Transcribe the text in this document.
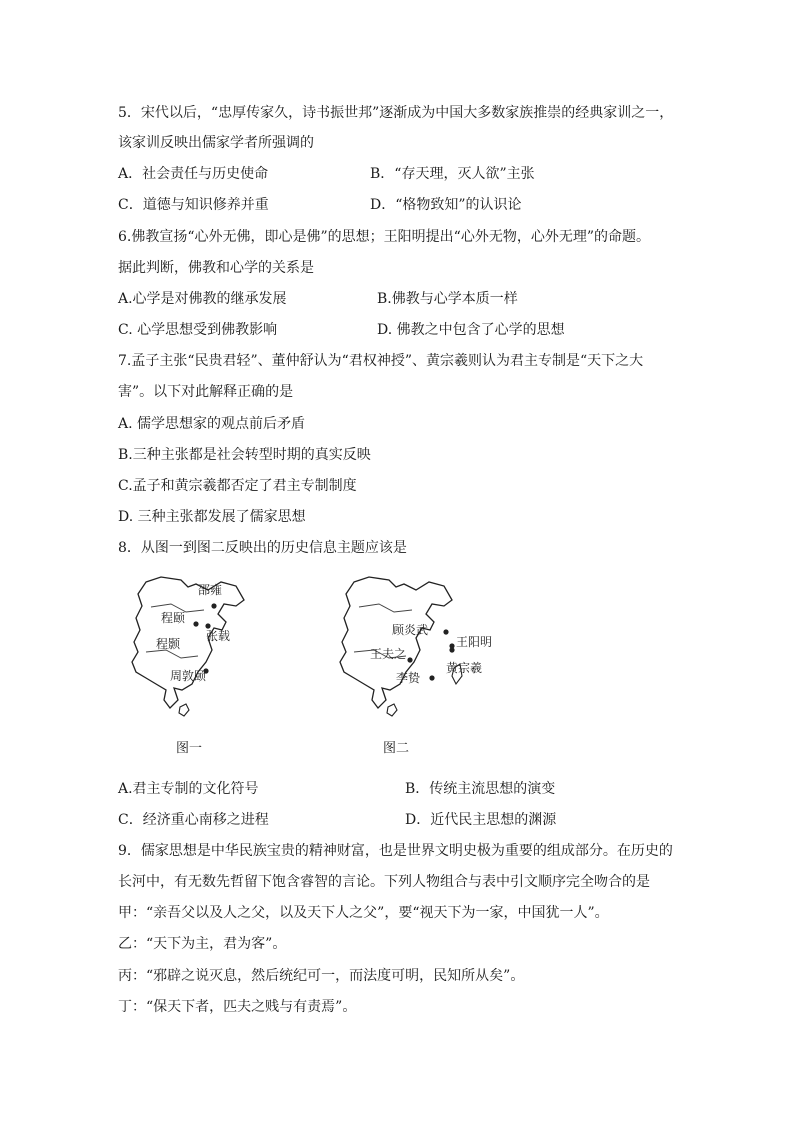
5．宋代以后，“忠厚传家久，诗书振世邦”逐渐成为中国大多数家族推崇的经典家训之一，
该家训反映出儒家学者所强调的
A．社会责任与历史使命	B．“存天理，灭人欲”主张
C．道德与知识修养并重	D．“格物致知”的认识论
6.佛教宣扬“心外无佛，即心是佛”的思想；王阳明提出“心外无物，心外无理”的命题。
据此判断，佛教和心学的关系是
A.心学是对佛教的继承发展	B.佛教与心学本质一样
C. 心学思想受到佛教影响	D. 佛教之中包含了心学的思想
7.孟子主张“民贵君轻”、董仲舒认为“君权神授”、黄宗羲则认为君主专制是“天下之大
害”。以下对此解释正确的是
A. 儒学思想家的观点前后矛盾
B.三种主张都是社会转型时期的真实反映
C.孟子和黄宗羲都否定了君主专制制度
D. 三种主张都发展了儒家思想
8．从图一到图二反映出的历史信息主题应该是
邵雍
程颐
张载
程颢
周敦颐
图一
顾炎武
王阳明
王夫之
黄宗羲
李贽
图二
A.君主专制的文化符号	B．传统主流思想的演变
C．经济重心南移之进程	D．近代民主思想的渊源
9．儒家思想是中华民族宝贵的精神财富，也是世界文明史极为重要的组成部分。在历史的
长河中，有无数先哲留下饱含睿智的言论。下列人物组合与表中引文顺序完全吻合的是
甲：“亲吾父以及人之父，以及天下人之父”，要“视天下为一家，中国犹一人”。
乙：“天下为主，君为客”。
丙：“邪辟之说灭息，然后统纪可一，而法度可明，民知所从矣”。
丁：“保天下者，匹夫之贱与有责焉”。
